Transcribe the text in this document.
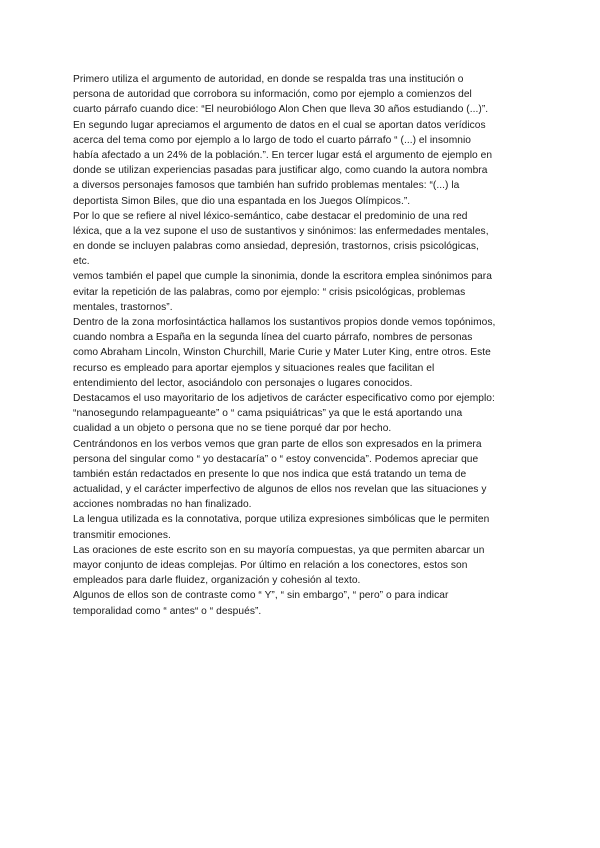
Primero utiliza el argumento de autoridad, en donde se respalda tras una institución o
persona de autoridad que corrobora su información, como por ejemplo a comienzos del
cuarto párrafo cuando dice: “El neurobiólogo Alon Chen que lleva 30 años estudiando (...)”.
En segundo lugar apreciamos el argumento de datos en el cual se aportan datos verídicos
acerca del tema como por ejemplo a lo largo de todo el cuarto párrafo “ (...) el insomnio
había afectado a un 24% de la población.”. En tercer lugar está el argumento de ejemplo en
donde se utilizan experiencias pasadas para justificar algo, como cuando la autora nombra
a diversos personajes famosos que también han sufrido problemas mentales: “(...) la
deportista Simon Biles, que dio una espantada en los Juegos Olímpicos.”.
Por lo que se refiere al nivel léxico-semántico, cabe destacar el predominio de una red
léxica, que a la vez supone el uso de sustantivos y sinónimos: las enfermedades mentales,
en donde se incluyen palabras como ansiedad, depresión, trastornos, crisis psicológicas,
etc.
vemos también el papel que cumple la sinonimia, donde la escritora emplea sinónimos para
evitar la repetición de las palabras, como por ejemplo: “ crisis psicológicas, problemas
mentales, trastornos”.
Dentro de la zona morfosintáctica hallamos los sustantivos propios donde vemos topónimos,
cuando nombra a España en la segunda línea del cuarto párrafo, nombres de personas
como Abraham Lincoln, Winston Churchill, Marie Curie y Mater Luter King, entre otros. Este
recurso es empleado para aportar ejemplos y situaciones reales que facilitan el
entendimiento del lector, asociándolo con personajes o lugares conocidos.
Destacamos el uso mayoritario de los adjetivos de carácter especificativo como por ejemplo:
“nanosegundo relampagueante” o “ cama psiquiátricas” ya que le está aportando una
cualidad a un objeto o persona que no se tiene porqué dar por hecho.
Centrándonos en los verbos vemos que gran parte de ellos son expresados en la primera
persona del singular como “ yo destacaría” o “ estoy convencida”. Podemos apreciar que
también están redactados en presente lo que nos indica que está tratando un tema de
actualidad, y el carácter imperfectivo de algunos de ellos nos revelan que las situaciones y
acciones nombradas no han finalizado.
La lengua utilizada es la connotativa, porque utiliza expresiones simbólicas que le permiten
transmitir emociones.
Las oraciones de este escrito son en su mayoría compuestas, ya que permiten abarcar un
mayor conjunto de ideas complejas. Por último en relación a los conectores, estos son
empleados para darle fluidez, organización y cohesión al texto.
Algunos de ellos son de contraste como “ Y”, “ sin embargo”, “ pero” o para indicar
temporalidad como “ antes“ o “ después”.
